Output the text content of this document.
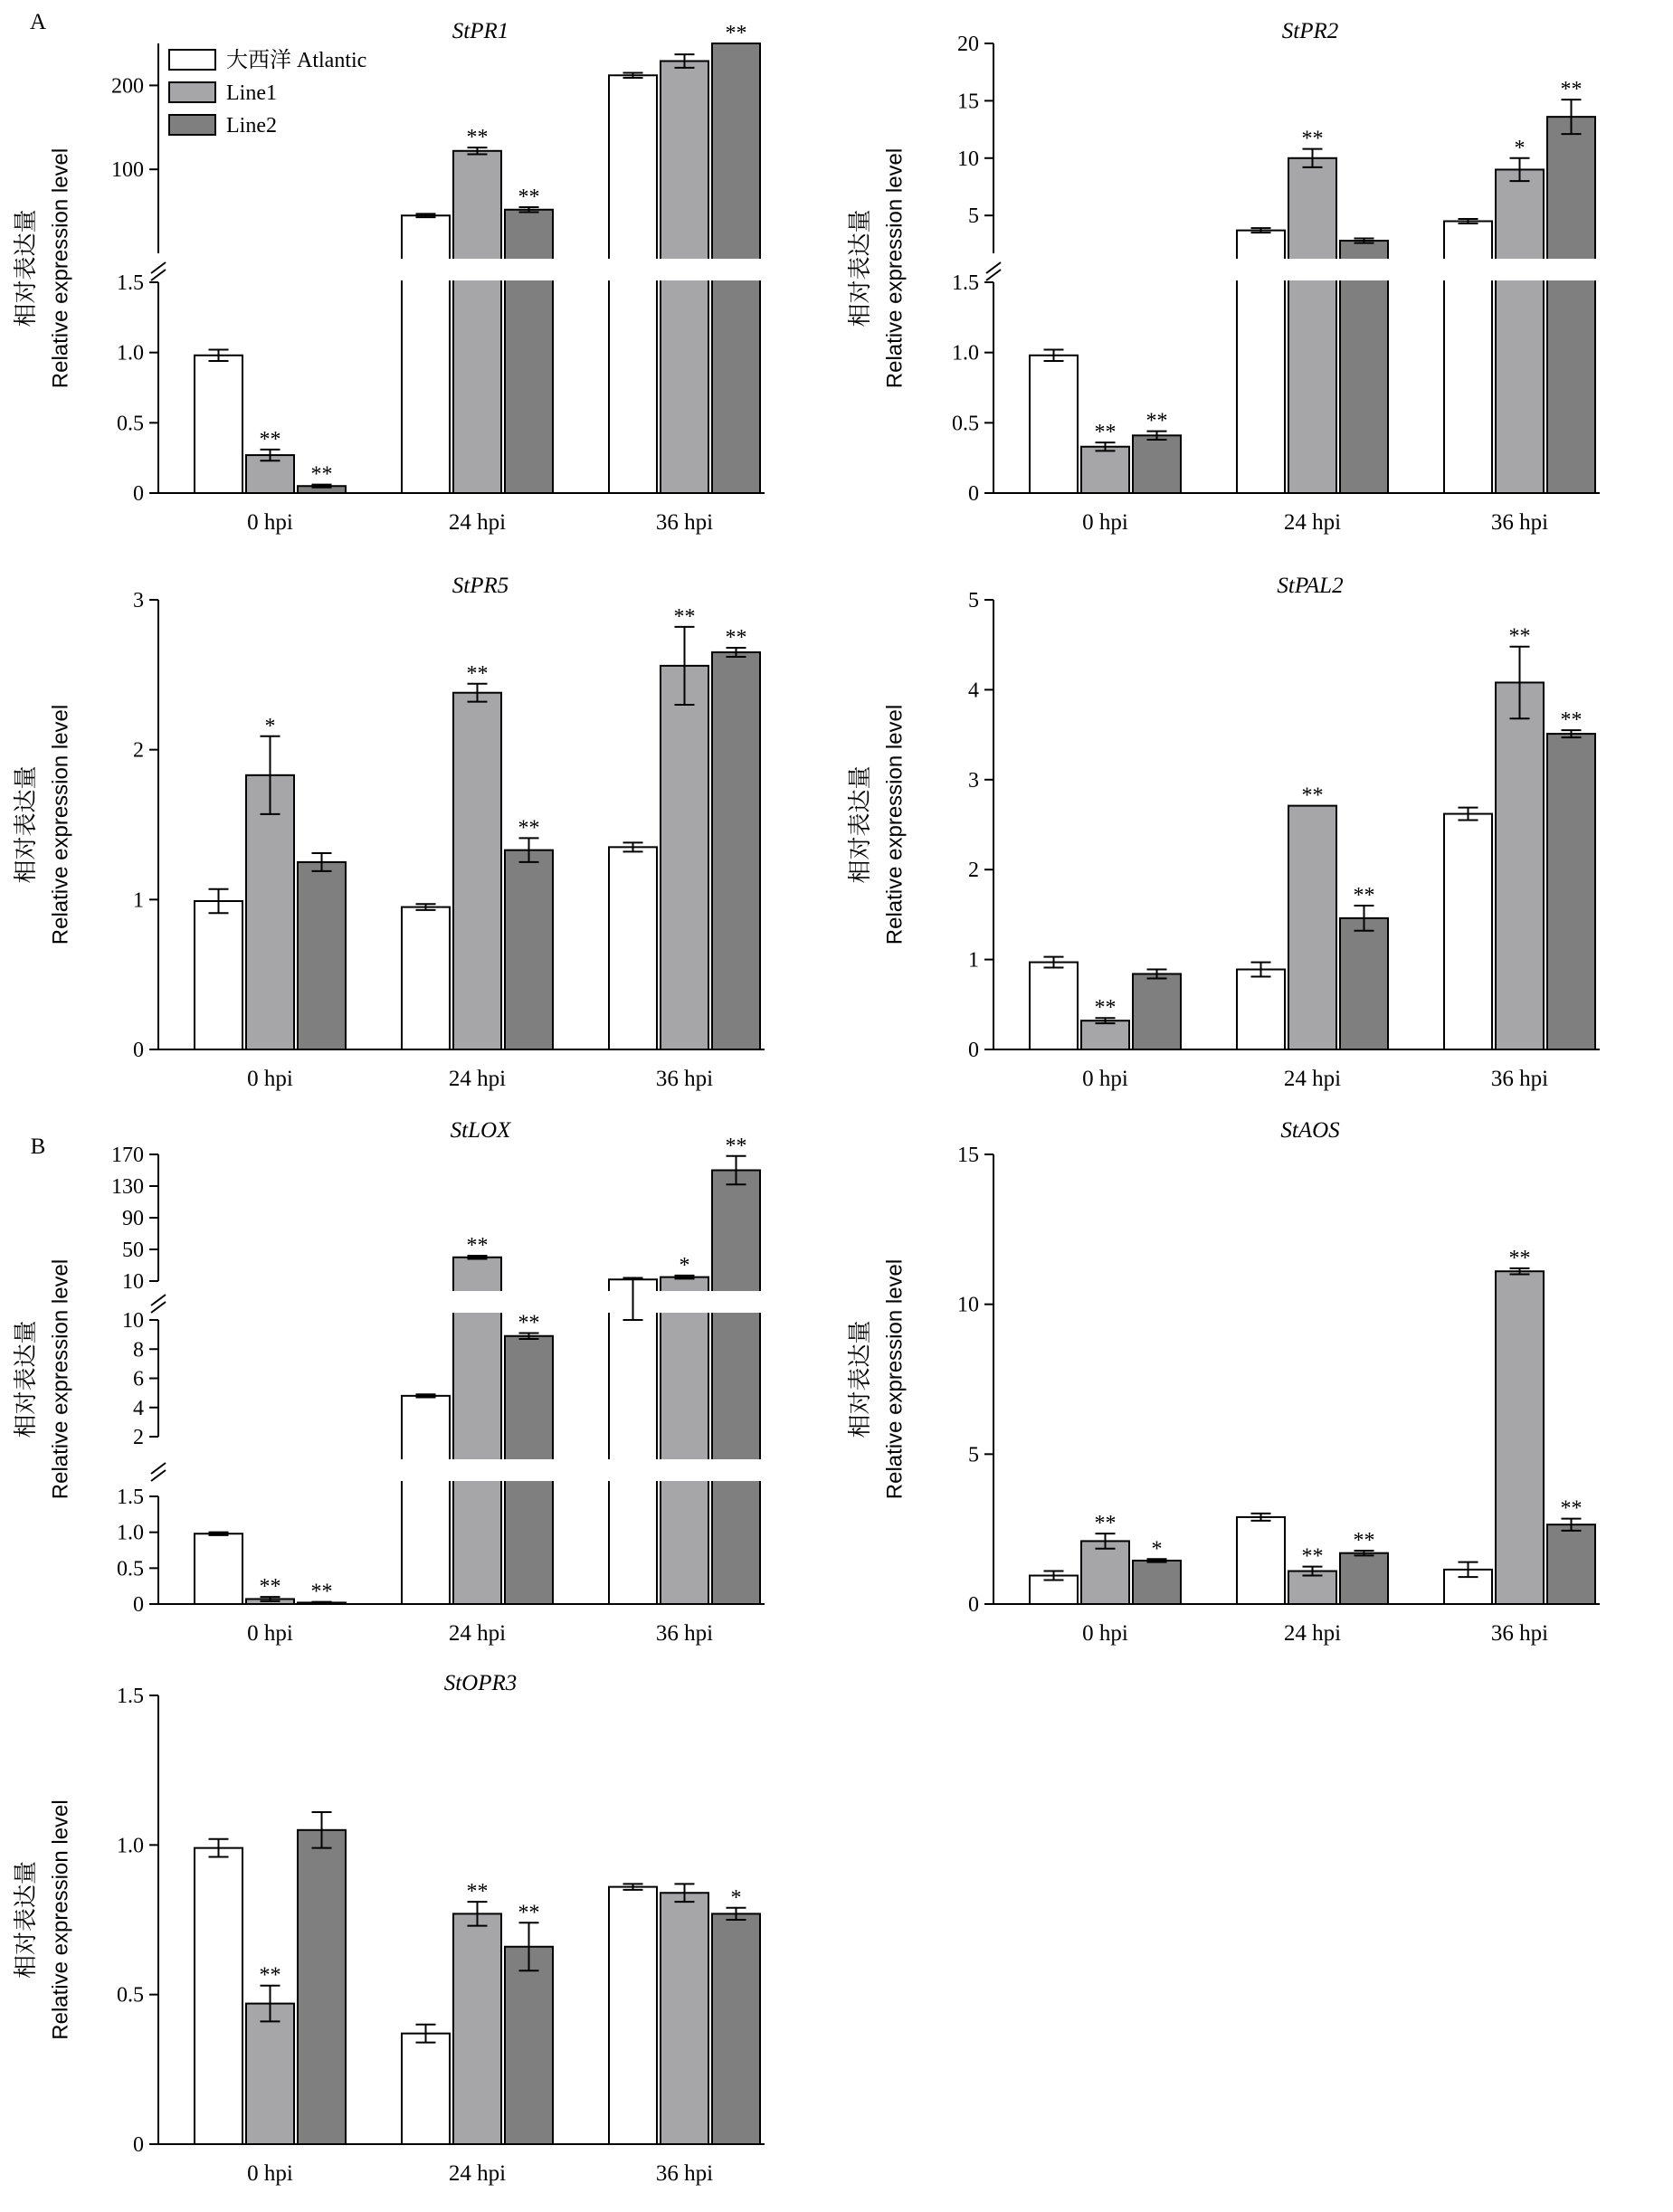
StPR1
A
相对表达量 Relative expression level
0
0.5
1.0
1.5
100
200
0 hpi
**
**
24 hpi
**
**
36 hpi
**	StPR2
相对表达量 Relative expression level
0
0.5
1.0
1.5
5
10
15
20
0 hpi
** **
24 hpi
**
36 hpi
*
**
StPR5
相对表达量 Relative expression level
0
1
2
3
0 hpi
*
24 hpi
**
**
36 hpi
**
**
StPAL2
相对表达量 Relative expression level
0
1
2
3
4
5
0 hpi
**
24 hpi
**
**
36 hpi
**
**
StLOX
B
相对表达量 Relative expression level
0
0.5
1.0
1.5
2
4
6
8
10
10
50
90
130
170
0 hpi
** **
24 hpi
**
**
36 hpi
*
**
StAOS
相对表达量 Relative expression level
0
5
10
15
0 hpi
**
*
24 hpi
**
**
36 hpi
**
**
StOPR3
相对表达量 Relative expression level
0
0.5
1.0
1.5
0 hpi
**
24 hpi
**
**
36 hpi
*
大西洋 Atlantic
Line1
Line2
